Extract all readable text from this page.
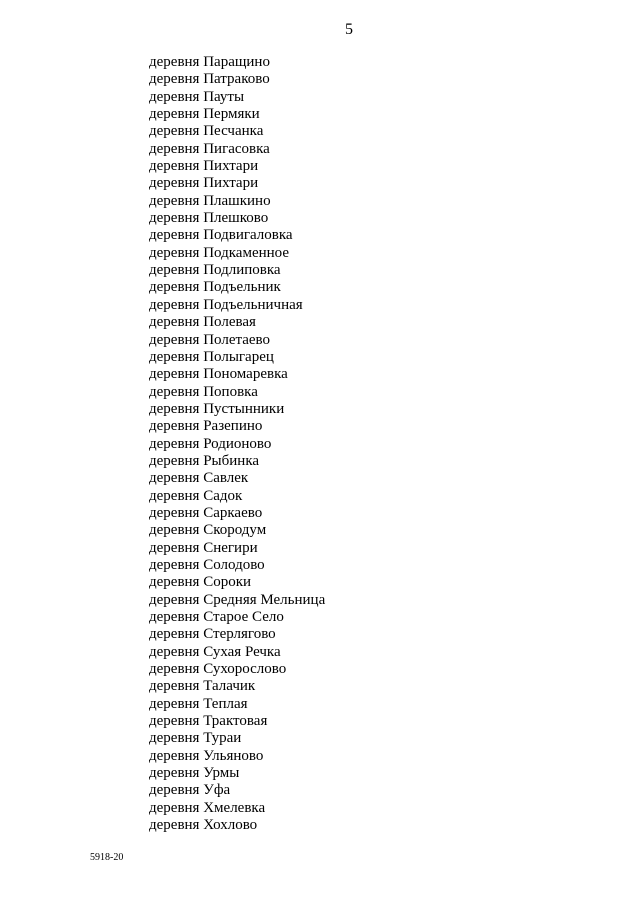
5
деревня Паращино
деревня Патраково
деревня Пауты
деревня Пермяки
деревня Песчанка
деревня Пигасовка
деревня Пихтари
деревня Пихтари
деревня Плашкино
деревня Плешково
деревня Подвигаловка
деревня Подкаменное
деревня Подлиповка
деревня Подъельник
деревня Подъельничная
деревня Полевая
деревня Полетаево
деревня Полыгарец
деревня Пономаревка
деревня Поповка
деревня Пустынники
деревня Разепино
деревня Родионово
деревня Рыбинка
деревня Савлек
деревня Садок
деревня Саркаево
деревня Скородум
деревня Снегири
деревня Солодово
деревня Сороки
деревня Средняя Мельница
деревня Старое Село
деревня Стерлягово
деревня Сухая Речка
деревня Сухорослово
деревня Талачик
деревня Теплая
деревня Трактовая
деревня Тураи
деревня Ульяново
деревня Урмы
деревня Уфа
деревня Хмелевка
деревня Хохлово
5918-20
